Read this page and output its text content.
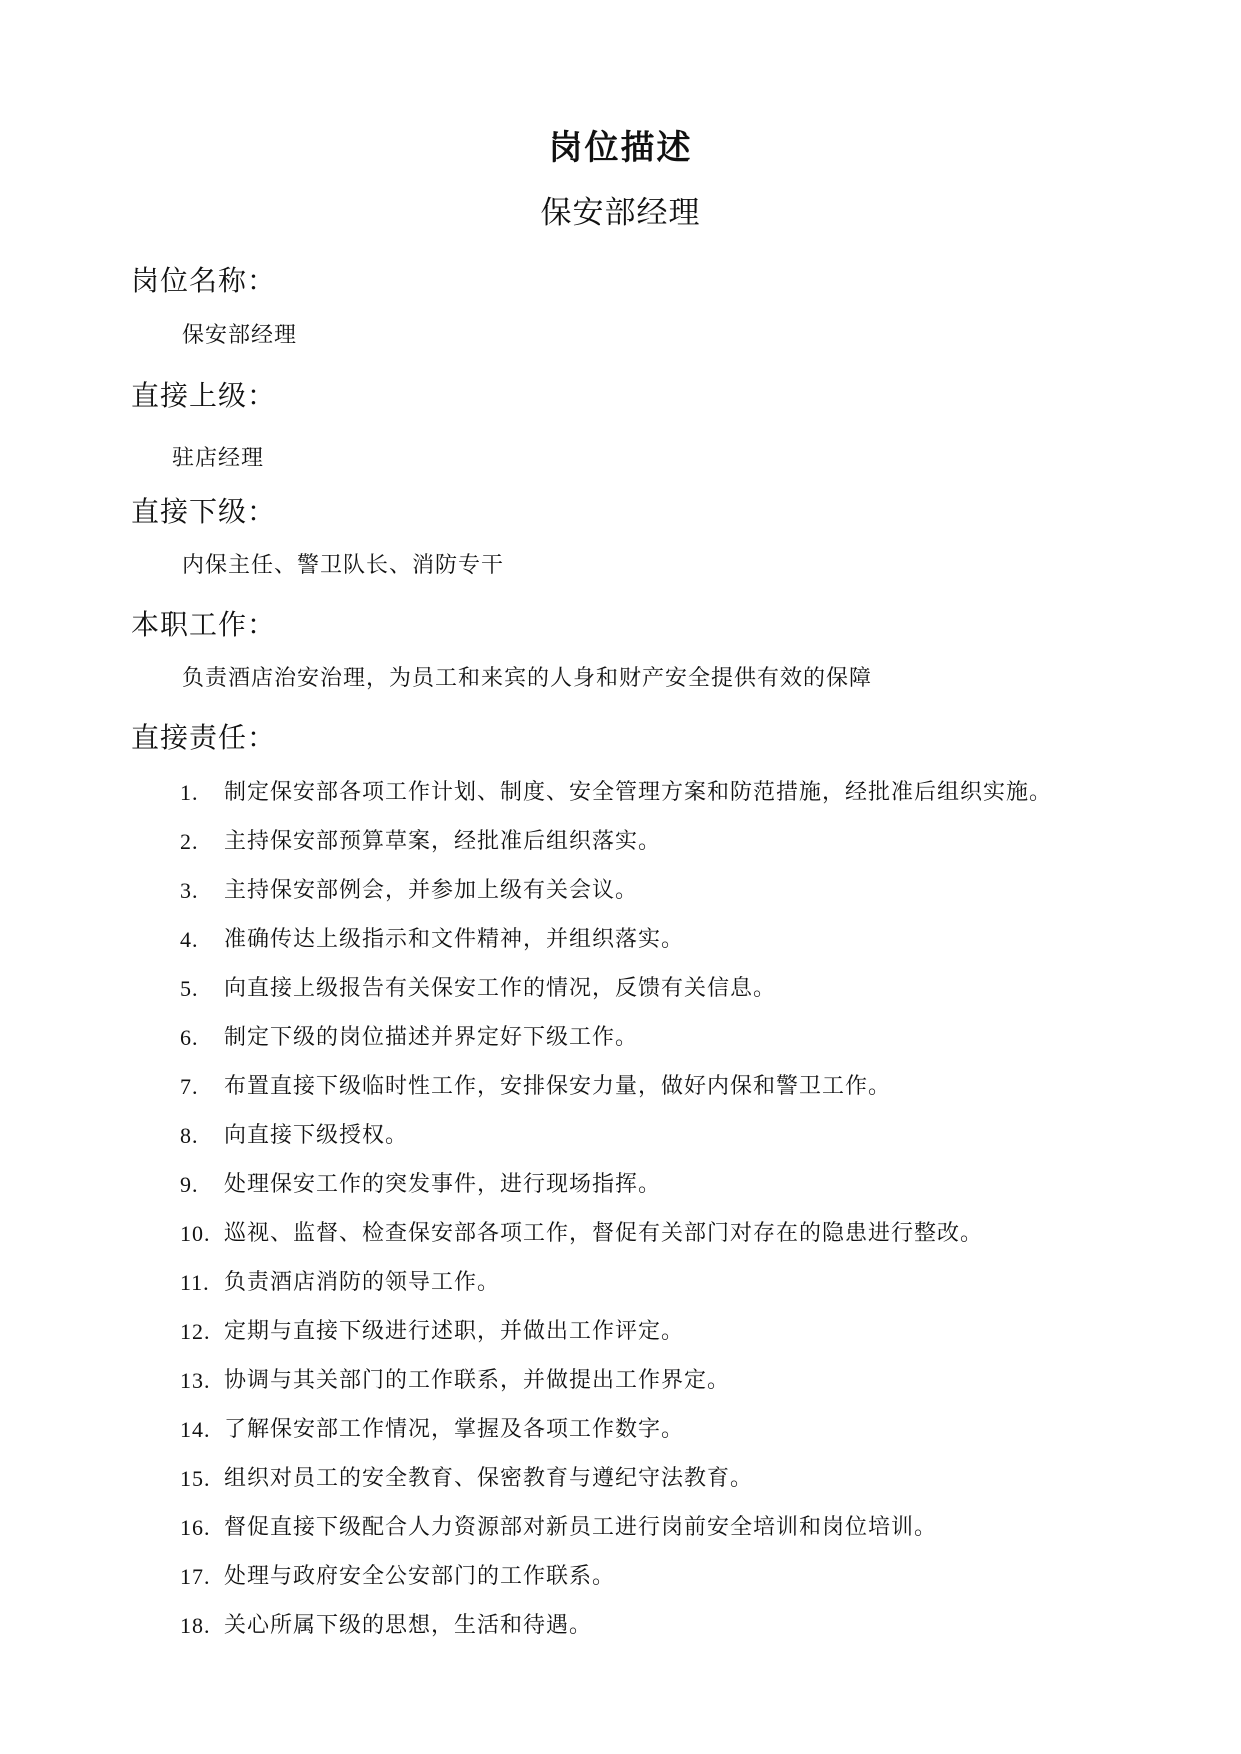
岗位描述
保安部经理
岗位名称：
保安部经理
直接上级：
驻店经理
直接下级：
内保主任、警卫队长、消防专干
本职工作：
负责酒店治安治理，为员工和来宾的人身和财产安全提供有效的保障
直接责任：
1.	制定保安部各项工作计划、制度、安全管理方案和防范措施，经批准后组织实施。
2.	主持保安部预算草案，经批准后组织落实。
3.	主持保安部例会，并参加上级有关会议。
4.	准确传达上级指示和文件精神，并组织落实。
5.	向直接上级报告有关保安工作的情况，反馈有关信息。
6.	制定下级的岗位描述并界定好下级工作。
7.	布置直接下级临时性工作，安排保安力量，做好内保和警卫工作。
8.	向直接下级授权。
9.	处理保安工作的突发事件，进行现场指挥。
10. 巡视、监督、检查保安部各项工作，督促有关部门对存在的隐患进行整改。
11. 负责酒店消防的领导工作。
12. 定期与直接下级进行述职，并做出工作评定。
13. 协调与其关部门的工作联系，并做提出工作界定。
14. 了解保安部工作情况，掌握及各项工作数字。
15. 组织对员工的安全教育、保密教育与遵纪守法教育。
16. 督促直接下级配合人力资源部对新员工进行岗前安全培训和岗位培训。
17. 处理与政府安全公安部门的工作联系。
18. 关心所属下级的思想，生活和待遇。
